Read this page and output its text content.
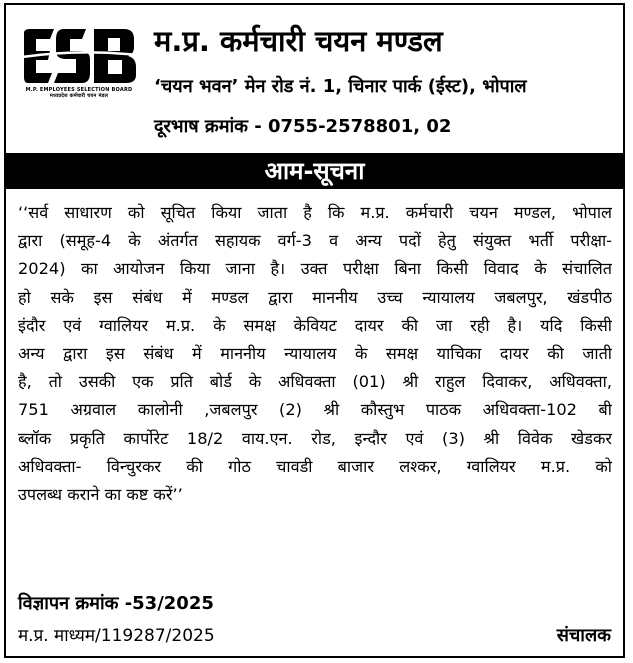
M.P. EMPLOYEES SELECTION BOARD
मध्यप्रदेश कर्मचारी चयन मंडल
म.प्र. कर्मचारी चयन मण्डल
‘चयन भवन’ मेन रोड नं. 1, चिनार पार्क (ईस्ट), भोपाल
दूरभाष क्रमांक - 0755-2578801, 02
आम-सूचना
‘‘सर्व साधारण को सूचित किया जाता है कि म.प्र. कर्मचारी चयन मण्डल, भोपाल
द्वारा (समूह-4 के अंतर्गत सहायक वर्ग-3 व अन्य पदों हेतु संयुक्त भर्ती परीक्षा-
2024) का आयोजन किया जाना है। उक्त परीक्षा बिना किसी विवाद के संचालित
हो सके इस संबंध में मण्डल द्वारा माननीय उच्च न्यायालय जबलपुर, खंडपीठ
इंदौर एवं ग्वालियर म.प्र. के समक्ष केवियट दायर की जा रही है। यदि किसी
अन्य द्वारा इस संबंध में माननीय न्यायालय के समक्ष याचिका दायर की जाती
है, तो उसकी एक प्रति बोर्ड के अधिवक्ता (01) श्री राहुल दिवाकर, अधिवक्ता,
751 अग्रवाल कालोनी ,जबलपुर (2) श्री कौस्तुभ पाठक अधिवक्ता-102 बी
ब्लॉक प्रकृति कार्पोरेट 18/2 वाय.एन. रोड, इन्दौर एवं (3) श्री विवेक खेडकर
अधिवक्ता- विन्चुरकर की गोठ चावडी बाजार लश्कर, ग्वालियर म.प्र. को
उपलब्ध कराने का कष्ट करें’’
विज्ञापन क्रमांक -53/2025
म.प्र. माध्यम/119287/2025	संचालक
